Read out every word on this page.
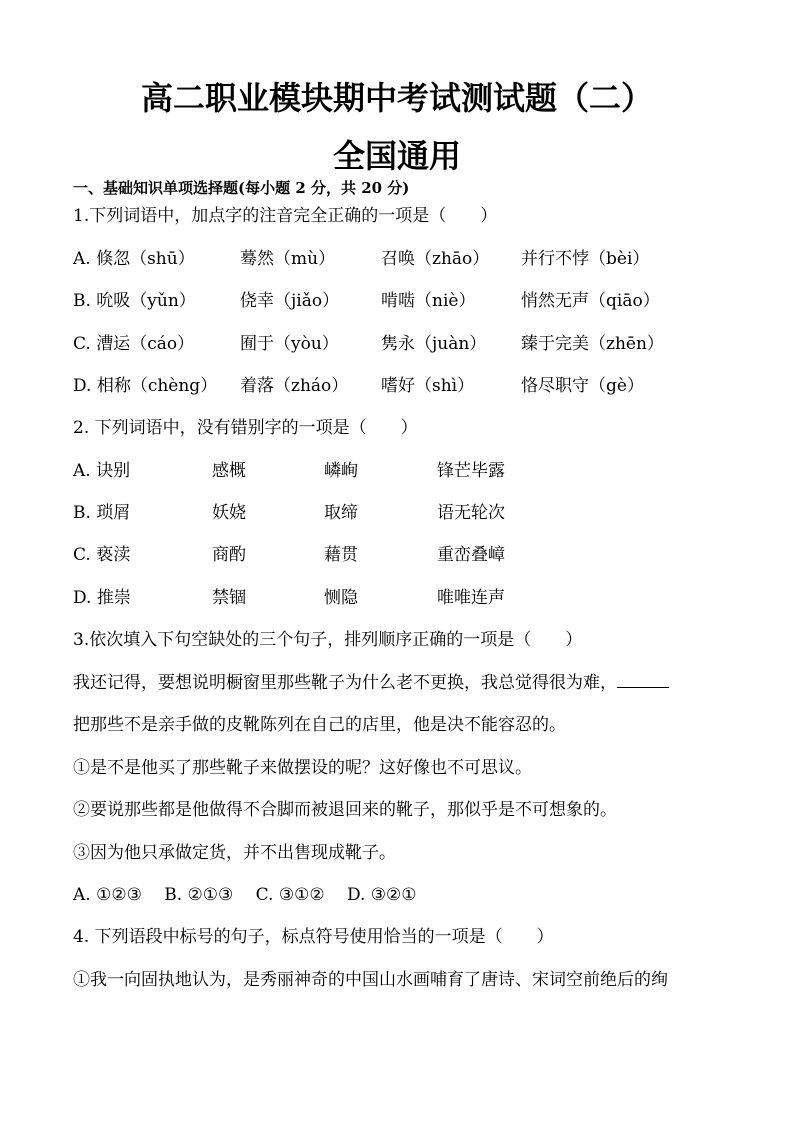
高二职业模块期中考试测试题（二）
全国通用
一、基础知识单项选择题(每小题 2 分，共 20 分)
1.下列词语中，加点字的注音完全正确的一项是（　　）
A. 倏忽（shū）	蓦然（mù）	召唤（zhāo） 并行不悖（bèi）
B. 吮吸（yǔn）	侥幸（jiǎo） 啃啮（niè）	悄然无声（qiāo）
C. 漕运（cáo）	囿于（yòu） 隽永（juàn） 臻于完美（zhēn）
D. 相称（chèng） 着落（zháo） 嗜好（shì）	恪尽职守（gè）
2. 下列词语中，没有错别字的一项是（　　）
A. 诀别	感概	嶙峋	锋芒毕露
B. 琐屑	妖娆	取缔	语无轮次
C. 亵渎	商酌	藉贯	重峦叠嶂
D. 推崇	禁锢	恻隐	唯唯连声
3.依次填入下句空缺处的三个句子，排列顺序正确的一项是（　　）
我还记得，要想说明橱窗里那些靴子为什么老不更换，我总觉得很为难，
把那些不是亲手做的皮靴陈列在自己的店里，他是决不能容忍的。
①是不是他买了那些靴子来做摆设的呢？这好像也不可思议。
②要说那些都是他做得不合脚而被退回来的靴子，那似乎是不可想象的。
③因为他只承做定货，并不出售现成靴子。
A. ①②③　 B. ②①③　 C. ③①②　 D. ③②①
4. 下列语段中标号的句子，标点符号使用恰当的一项是（　　）
①我一向固执地认为，是秀丽神奇的中国山水画哺育了唐诗、宋词空前绝后的绚
